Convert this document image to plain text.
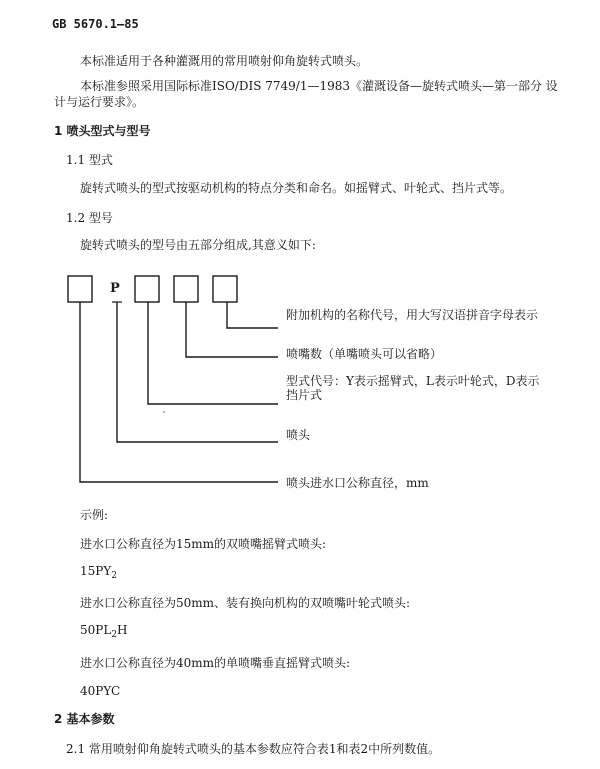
GB 5670.1—85
本标准适用于各种灌溉用的常用喷射仰角旋转式喷头。
本标准参照采用国际标准ISO/DIS 7749/1—1983《灌溉设备—旋转式喷头—第一部分 设
计与运行要求》。
1 喷头型式与型号
1.1 型式
旋转式喷头的型式按驱动机构的特点分类和命名。如摇臂式、叶轮式、挡片式等。
1.2 型号
旋转式喷头的型号由五部分组成,其意义如下:
P
附加机构的名称代号，用大写汉语拼音字母表示
喷嘴数（单嘴喷头可以省略）
型式代号：Y表示摇臂式，L表示叶轮式，D表示
挡片式
喷头
喷头进水口公称直径，mm
示例:
进水口公称直径为15mm的双喷嘴摇臂式喷头:
$15PY_2$
进水口公称直径为50mm、装有换向机构的双喷嘴叶轮式喷头:
$50PL_2H$
进水口公称直径为40mm的单喷嘴垂直摇臂式喷头:
40PYC
2 基本参数
2.1 常用喷射仰角旋转式喷头的基本参数应符合表1和表2中所列数值。
